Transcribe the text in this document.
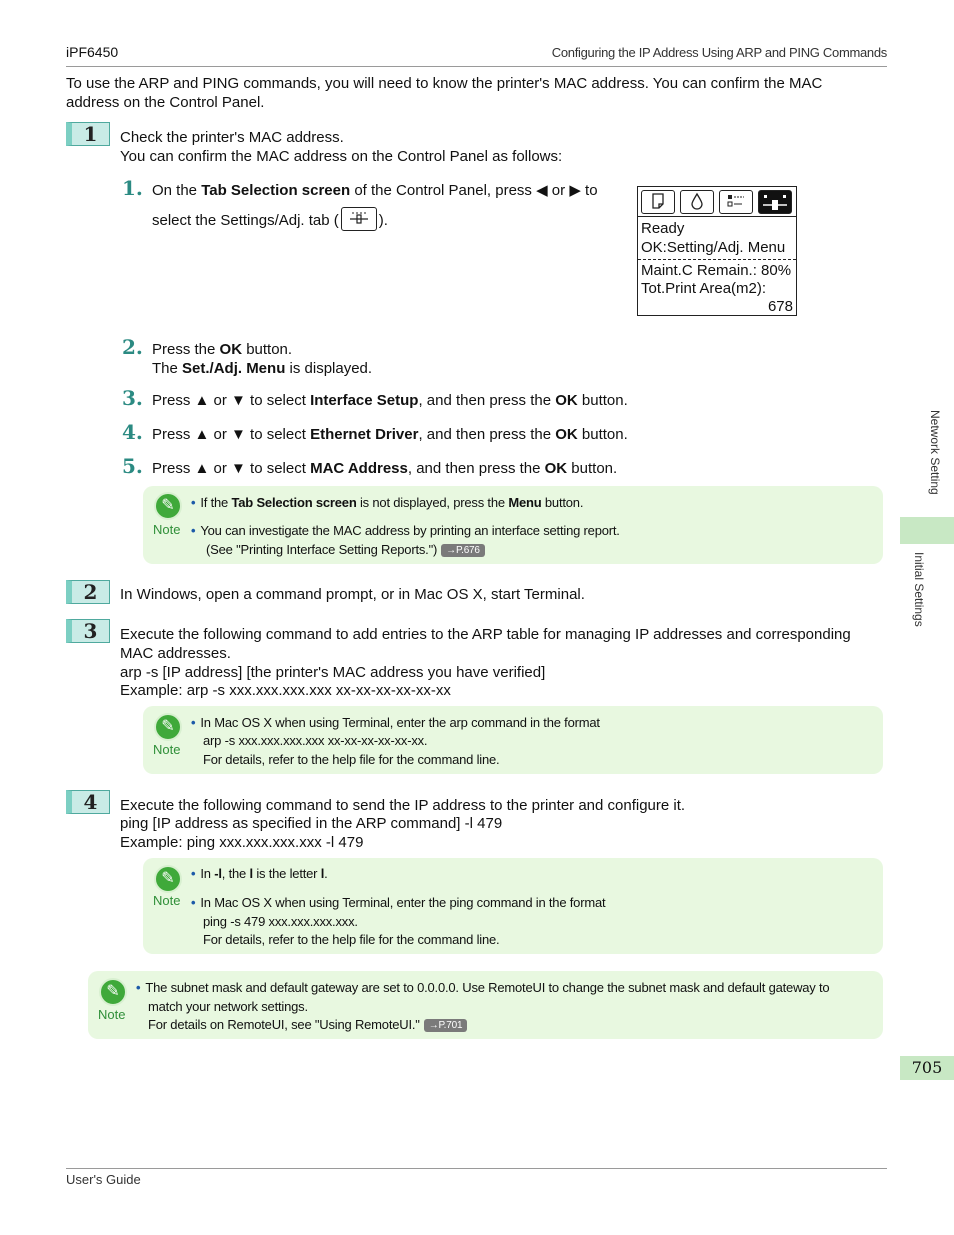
iPF6450	Configuring the IP Address Using ARP and PING Commands
To use the ARP and PING commands, you will need to know the printer's MAC address. You can confirm the MAC
address on the Control Panel.
1	Check the printer's MAC address.
You can confirm the MAC address on the Control Panel as follows:
1. On the Tab Selection screen of the Control Panel, press ◀ or ▶ to
select the Settings/Adj. tab (	).	Ready
OK:Setting/Adj. Menu
Maint.C Remain.: 80%
Tot.Print Area(m2):
678
2. Press the OK button.
The Set./Adj. Menu is displayed.
3. Press ▲ or ▼ to select Interface Setup, and then press the OK button.
4. Press ▲ or ▼ to select Ethernet Driver, and then press the OK button.
5. Press ▲ or ▼ to select MAC Address, and then press the OK button.
✎
Note
• If the Tab Selection screen is not displayed, press the Menu button.
• You can investigate the MAC address by printing an interface setting report.
(See "Printing Interface Setting Reports.") →P.676
2	In Windows, open a command prompt, or in Mac OS X, start Terminal.
3	Execute the following command to add entries to the ARP table for managing IP addresses and corresponding
MAC addresses.
arp -s [IP address] [the printer's MAC address you have verified]
Example: arp -s xxx.xxx.xxx.xxx xx-xx-xx-xx-xx-xx
✎
Note
• In Mac OS X when using Terminal, enter the arp command in the format
arp -s xxx.xxx.xxx.xxx xx-xx-xx-xx-xx-xx.
For details, refer to the help file for the command line.
4	Execute the following command to send the IP address to the printer and configure it.
ping [IP address as specified in the ARP command] -l 479
Example: ping xxx.xxx.xxx.xxx -l 479
✎
Note
• In -l, the l is the letter l.
• In Mac OS X when using Terminal, enter the ping command in the format
ping -s 479 xxx.xxx.xxx.xxx.
For details, refer to the help file for the command line.
✎
Note
• The subnet mask and default gateway are set to 0.0.0.0. Use RemoteUI to change the subnet mask and default gateway to
match your network settings.
For details on RemoteUI, see "Using RemoteUI." →P.701
Network Setting
Initial Settings
705
User's Guide
